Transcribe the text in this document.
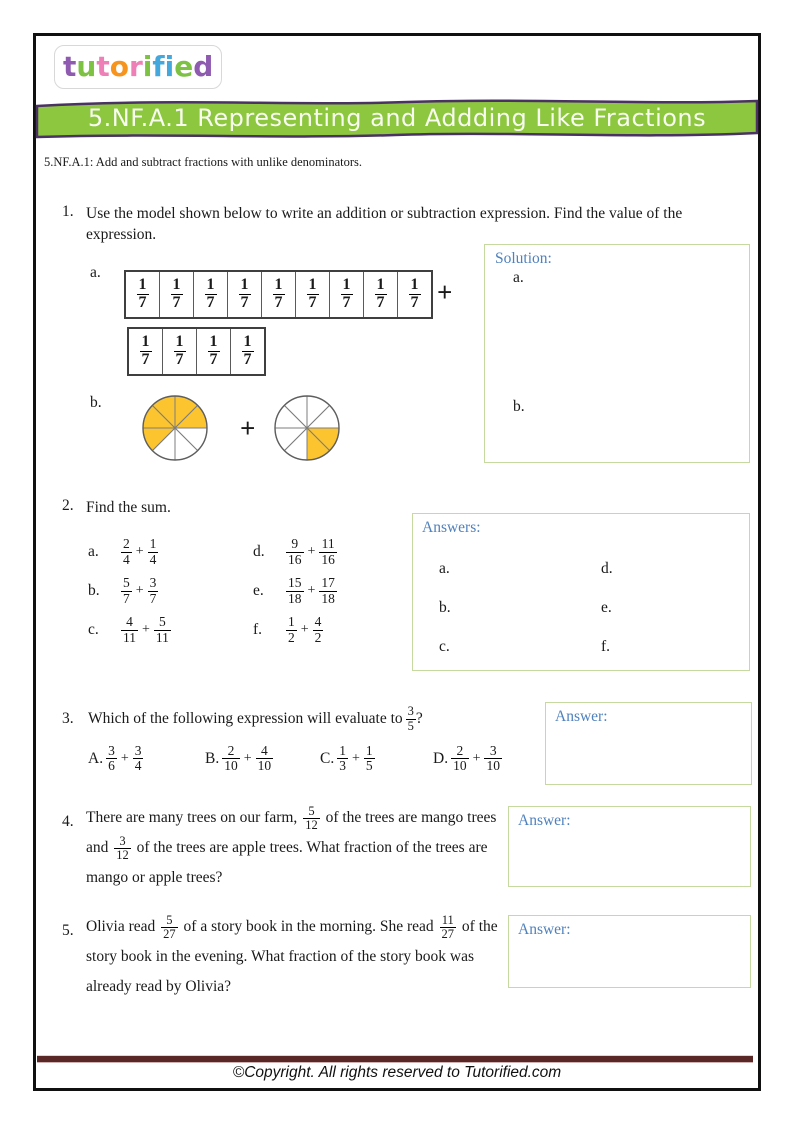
t u t o r i f i e d
5.NF.A.1 Representing and Addding Like Fractions
5.NF.A.1: Add and subtract fractions with unlike denominators.
1. Use the model shown below to write an addition or subtraction expression. Find the value of the expression.
a.
$\frac{1}{7} \frac{1}{7} \frac{1}{7} \frac{1}{7} \frac{1}{7} \frac{1}{7} \frac{1}{7} \frac{1}{7} \frac{1}{7}$ +
$\frac{1}{7} \frac{1}{7} \frac{1}{7} \frac{1}{7}$
b.
+
Solution:
a.
b.
2. Find the sum.
a.	$\frac{2}{4} + \frac{1}{4}$
b.	$\frac{5}{7} + \frac{3}{7}$
c.	$\frac{4}{11} + \frac{5}{11}$
d.	$\frac{9}{16} + \frac{11}{16}$
e.	$\frac{15}{18} + \frac{17}{18}$
f.	$\frac{1}{2} + \frac{4}{2}$
Answers:
a.
b.
c.
d.
e.
f.
3. Which of the following expression will evaluate to $\frac{3}{5}$ ?
A. $\frac{3}{6} + \frac{3}{4}$	B. $\frac{2}{10} + \frac{4}{10}$	C. $\frac{1}{3} + \frac{1}{5}$	D. $\frac{2}{10} + \frac{3}{10}$
Answer:
4. There are many trees on our farm, $\frac{5}{12}$ of the trees are mango trees and $\frac{3}{12}$ of the trees are apple trees. What fraction of the trees are mango or apple trees?
Answer:
5. Olivia read $\frac{5}{27}$ of a story book in the morning. She read $\frac{11}{27}$ of the story book in the evening. What fraction of the story book was already read by Olivia?
Answer:
©Copyright. All rights reserved to Tutorified.com
